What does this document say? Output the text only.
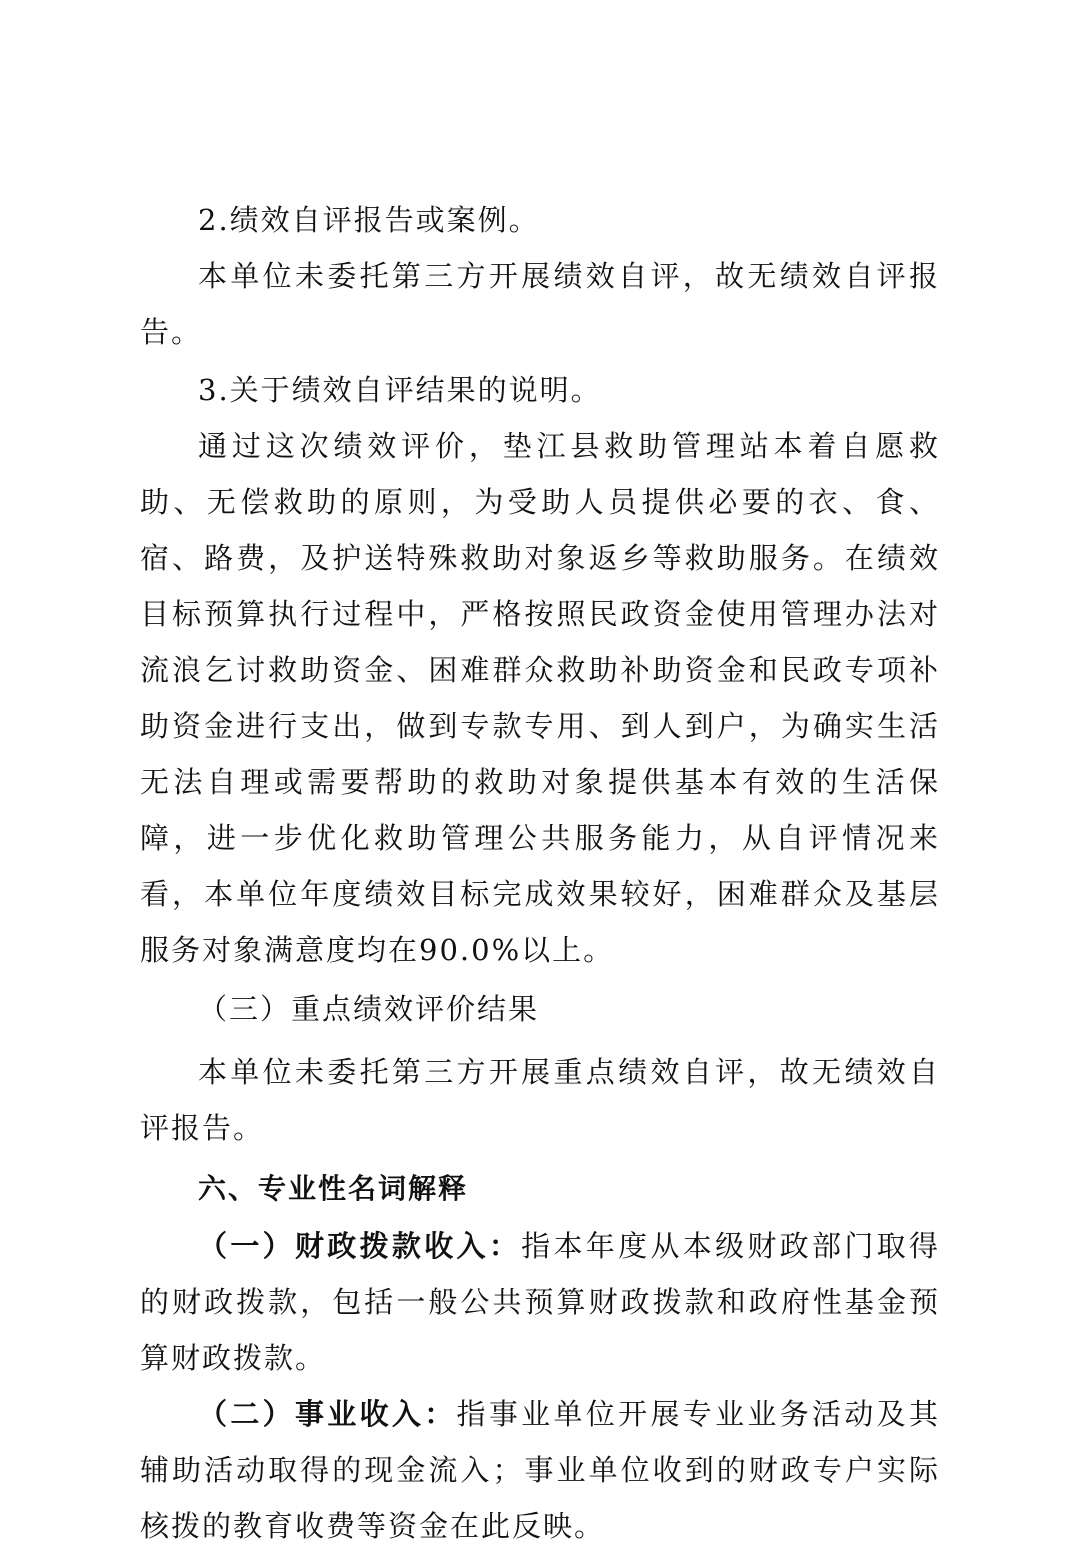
2.绩效自评报告或案例。

本单位未委托第三方开展绩效自评，故无绩效自评报告。

3.关于绩效自评结果的说明。

通过这次绩效评价，垫江县救助管理站本着自愿救助、无偿救助的原则，为受助人员提供必要的衣、食、宿、路费，及护送特殊救助对象返乡等救助服务。在绩效目标预算执行过程中，严格按照民政资金使用管理办法对流浪乞讨救助资金、困难群众救助补助资金和民政专项补助资金进行支出，做到专款专用、到人到户，为确实生活无法自理或需要帮助的救助对象提供基本有效的生活保障，进一步优化救助管理公共服务能力，从自评情况来看，本单位年度绩效目标完成效果较好，困难群众及基层服务对象满意度均在90.0%以上。

（三）重点绩效评价结果

本单位未委托第三方开展重点绩效自评，故无绩效自评报告。

六、专业性名词解释

（一）财政拨款收入：指本年度从本级财政部门取得的财政拨款，包括一般公共预算财政拨款和政府性基金预算财政拨款。

（二）事业收入：指事业单位开展专业业务活动及其辅助活动取得的现金流入；事业单位收到的财政专户实际核拨的教育收费等资金在此反映。
